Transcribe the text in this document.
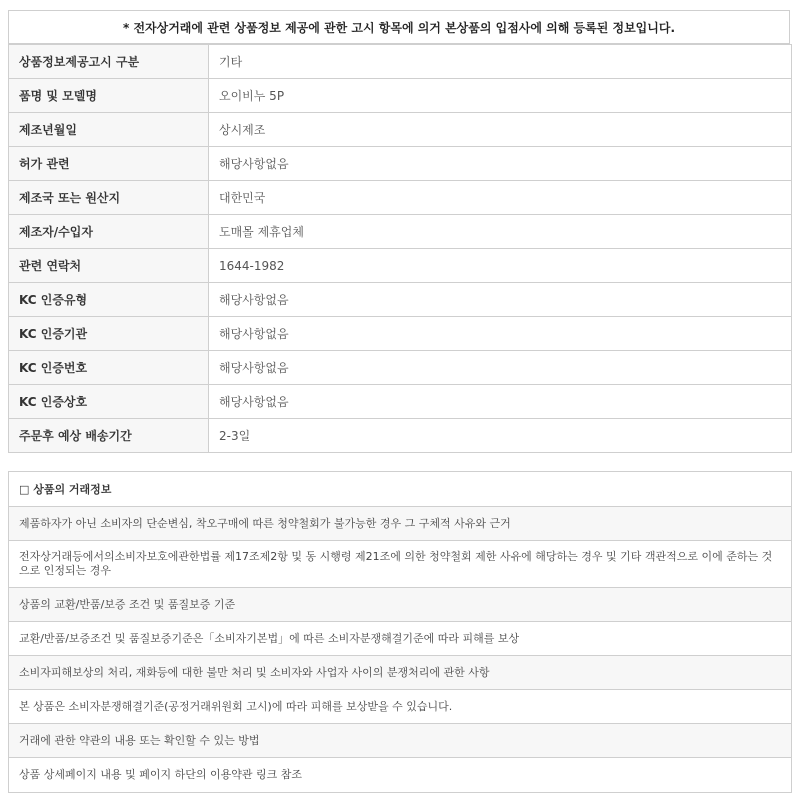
* 전자상거래에 관련 상품정보 제공에 관한 고시 항목에 의거 본상품의 입점사에 의해 등록된 정보입니다.
상품정보제공고시 구분	기타
품명 및 모델명	오이비누 5P
제조년월일	상시제조
허가 관련	해당사항없음
제조국 또는 원산지	대한민국
제조자/수입자	도매몰 제휴업체
관련 연락처	1644-1982
KC 인증유형	해당사항없음
KC 인증기관	해당사항없음
KC 인증번호	해당사항없음
KC 인증상호	해당사항없음
주문후 예상 배송기간	2-3일
□ 상품의 거래정보
제품하자가 아닌 소비자의 단순변심, 착오구매에 따른 청약철회가 불가능한 경우 그 구체적 사유와 근거
전자상거래등에서의소비자보호에관한법률 제17조제2항 및 동 시행령 제21조에 의한 청약철회 제한 사유에 해당하는 경우 및 기타 객관적으로 이에 준하는 것으로 인정되는 경우
상품의 교환/반품/보증 조건 및 품질보증 기준
교환/반품/보증조건 및 품질보증기준은「소비자기본법」에 따른 소비자분쟁해결기준에 따라 피해를 보상
소비자피해보상의 처리, 재화등에 대한 불만 처리 및 소비자와 사업자 사이의 분쟁처리에 관한 사항
본 상품은 소비자분쟁해결기준(공정거래위원회 고시)에 따라 피해를 보상받을 수 있습니다.
거래에 관한 약관의 내용 또는 확인할 수 있는 방법
상품 상세페이지 내용 및 페이지 하단의 이용약관 링크 참조
